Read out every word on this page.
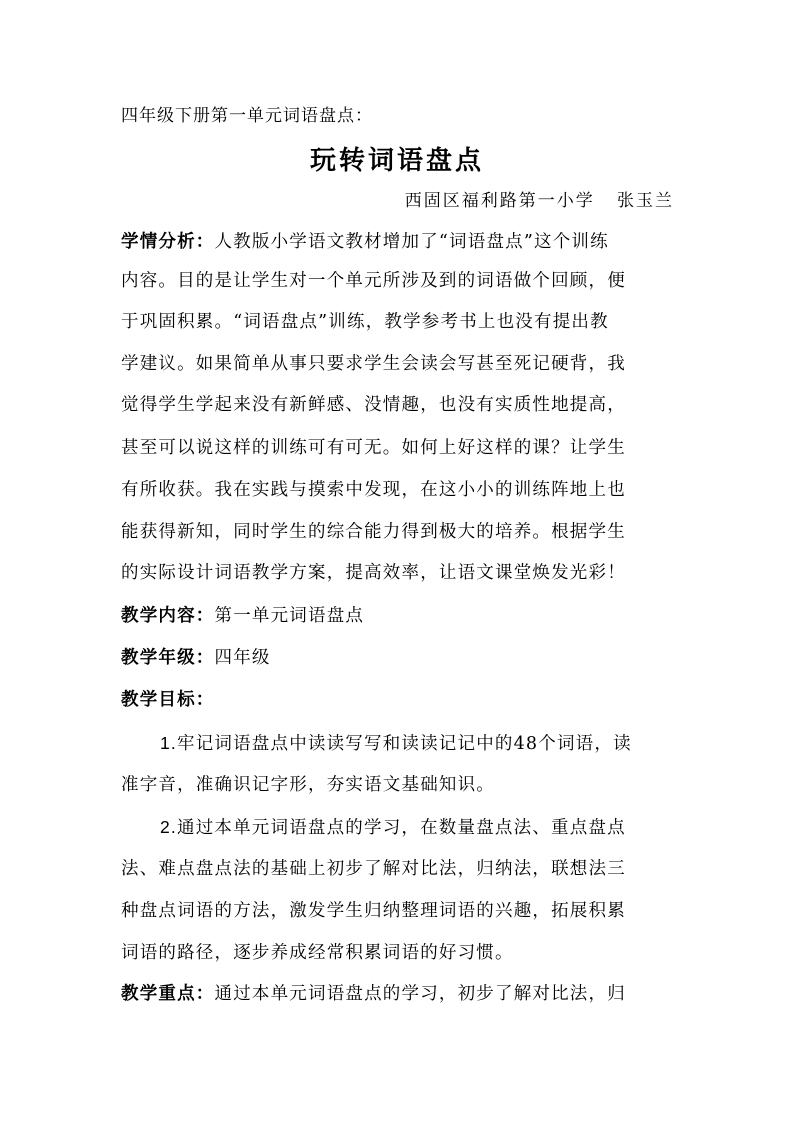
四年级下册第一单元词语盘点：
玩转词语盘点
西固区福利路第一小学   张玉兰
学情分析：人教版小学语文教材增加了“词语盘点”这个训练
内容。目的是让学生对一个单元所涉及到的词语做个回顾，便
于巩固积累。“词语盘点”训练，教学参考书上也没有提出教
学建议。如果简单从事只要求学生会读会写甚至死记硬背，我
觉得学生学起来没有新鲜感、没情趣，也没有实质性地提高，
甚至可以说这样的训练可有可无。如何上好这样的课？让学生
有所收获。我在实践与摸索中发现，在这小小的训练阵地上也
能获得新知，同时学生的综合能力得到极大的培养。根据学生
的实际设计词语教学方案，提高效率，让语文课堂焕发光彩！
教学内容：第一单元词语盘点
教学年级：四年级
教学目标：
1.牢记词语盘点中读读写写和读读记记中的48个词语，读
准字音，准确识记字形，夯实语文基础知识。
2.通过本单元词语盘点的学习，在数量盘点法、重点盘点
法、难点盘点法的基础上初步了解对比法，归纳法，联想法三
种盘点词语的方法，激发学生归纳整理词语的兴趣，拓展积累
词语的路径，逐步养成经常积累词语的好习惯。
教学重点：通过本单元词语盘点的学习，初步了解对比法，归
